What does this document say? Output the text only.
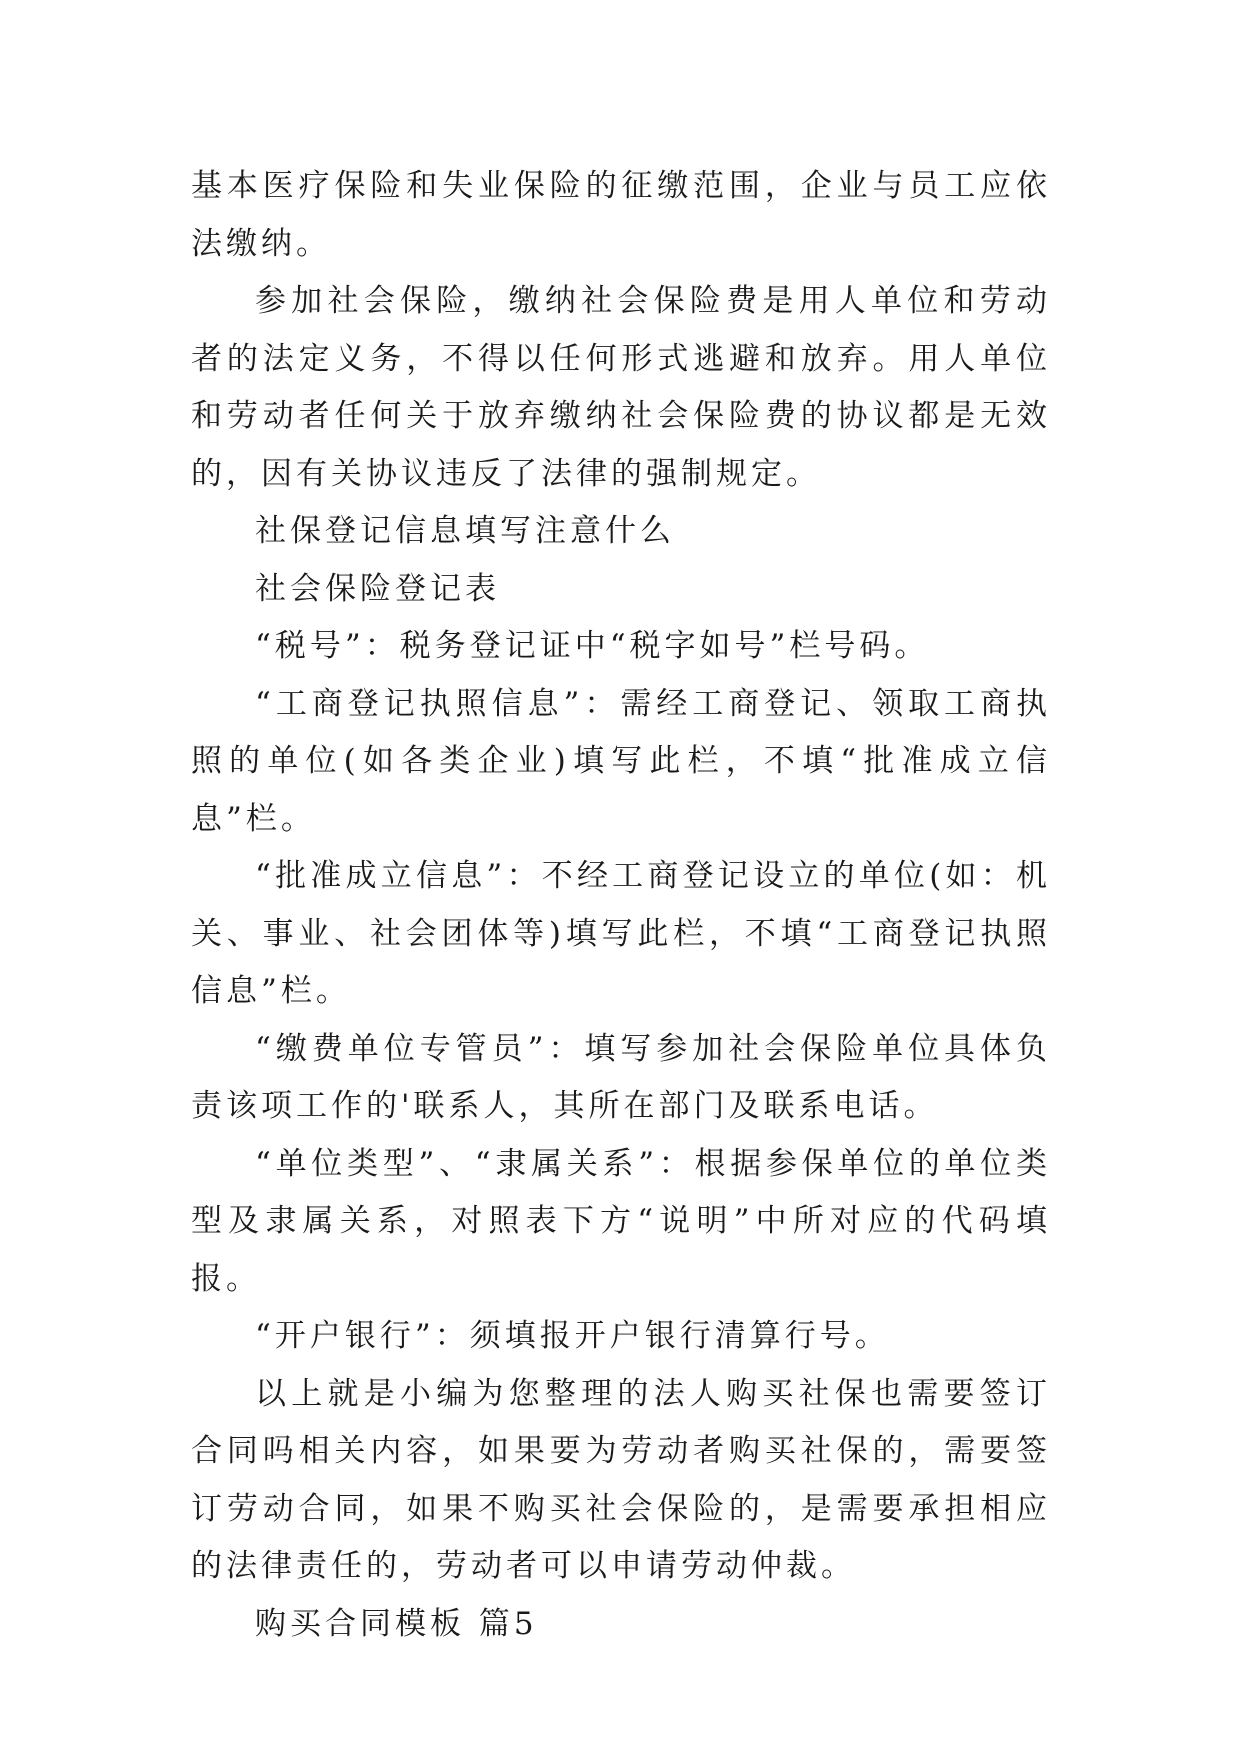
基本医疗保险和失业保险的征缴范围，企业与员工应依法缴纳。

参加社会保险，缴纳社会保险费是用人单位和劳动者的法定义务，不得以任何形式逃避和放弃。用人单位和劳动者任何关于放弃缴纳社会保险费的协议都是无效的，因有关协议违反了法律的强制规定。

社保登记信息填写注意什么

社会保险登记表

“税号”：税务登记证中“税字如号”栏号码。

“工商登记执照信息”：需经工商登记、领取工商执照的单位(如各类企业)填写此栏，不填“批准成立信息”栏。

“批准成立信息”：不经工商登记设立的单位(如：机关、事业、社会团体等)填写此栏，不填“工商登记执照信息”栏。

“缴费单位专管员”：填写参加社会保险单位具体负责该项工作的'联系人，其所在部门及联系电话。

“单位类型”、“隶属关系”：根据参保单位的单位类型及隶属关系，对照表下方“说明”中所对应的代码填报。

“开户银行”：须填报开户银行清算行号。

以上就是小编为您整理的法人购买社保也需要签订合同吗相关内容，如果要为劳动者购买社保的，需要签订劳动合同，如果不购买社会保险的，是需要承担相应的法律责任的，劳动者可以申请劳动仲裁。

购买合同模板 篇5
